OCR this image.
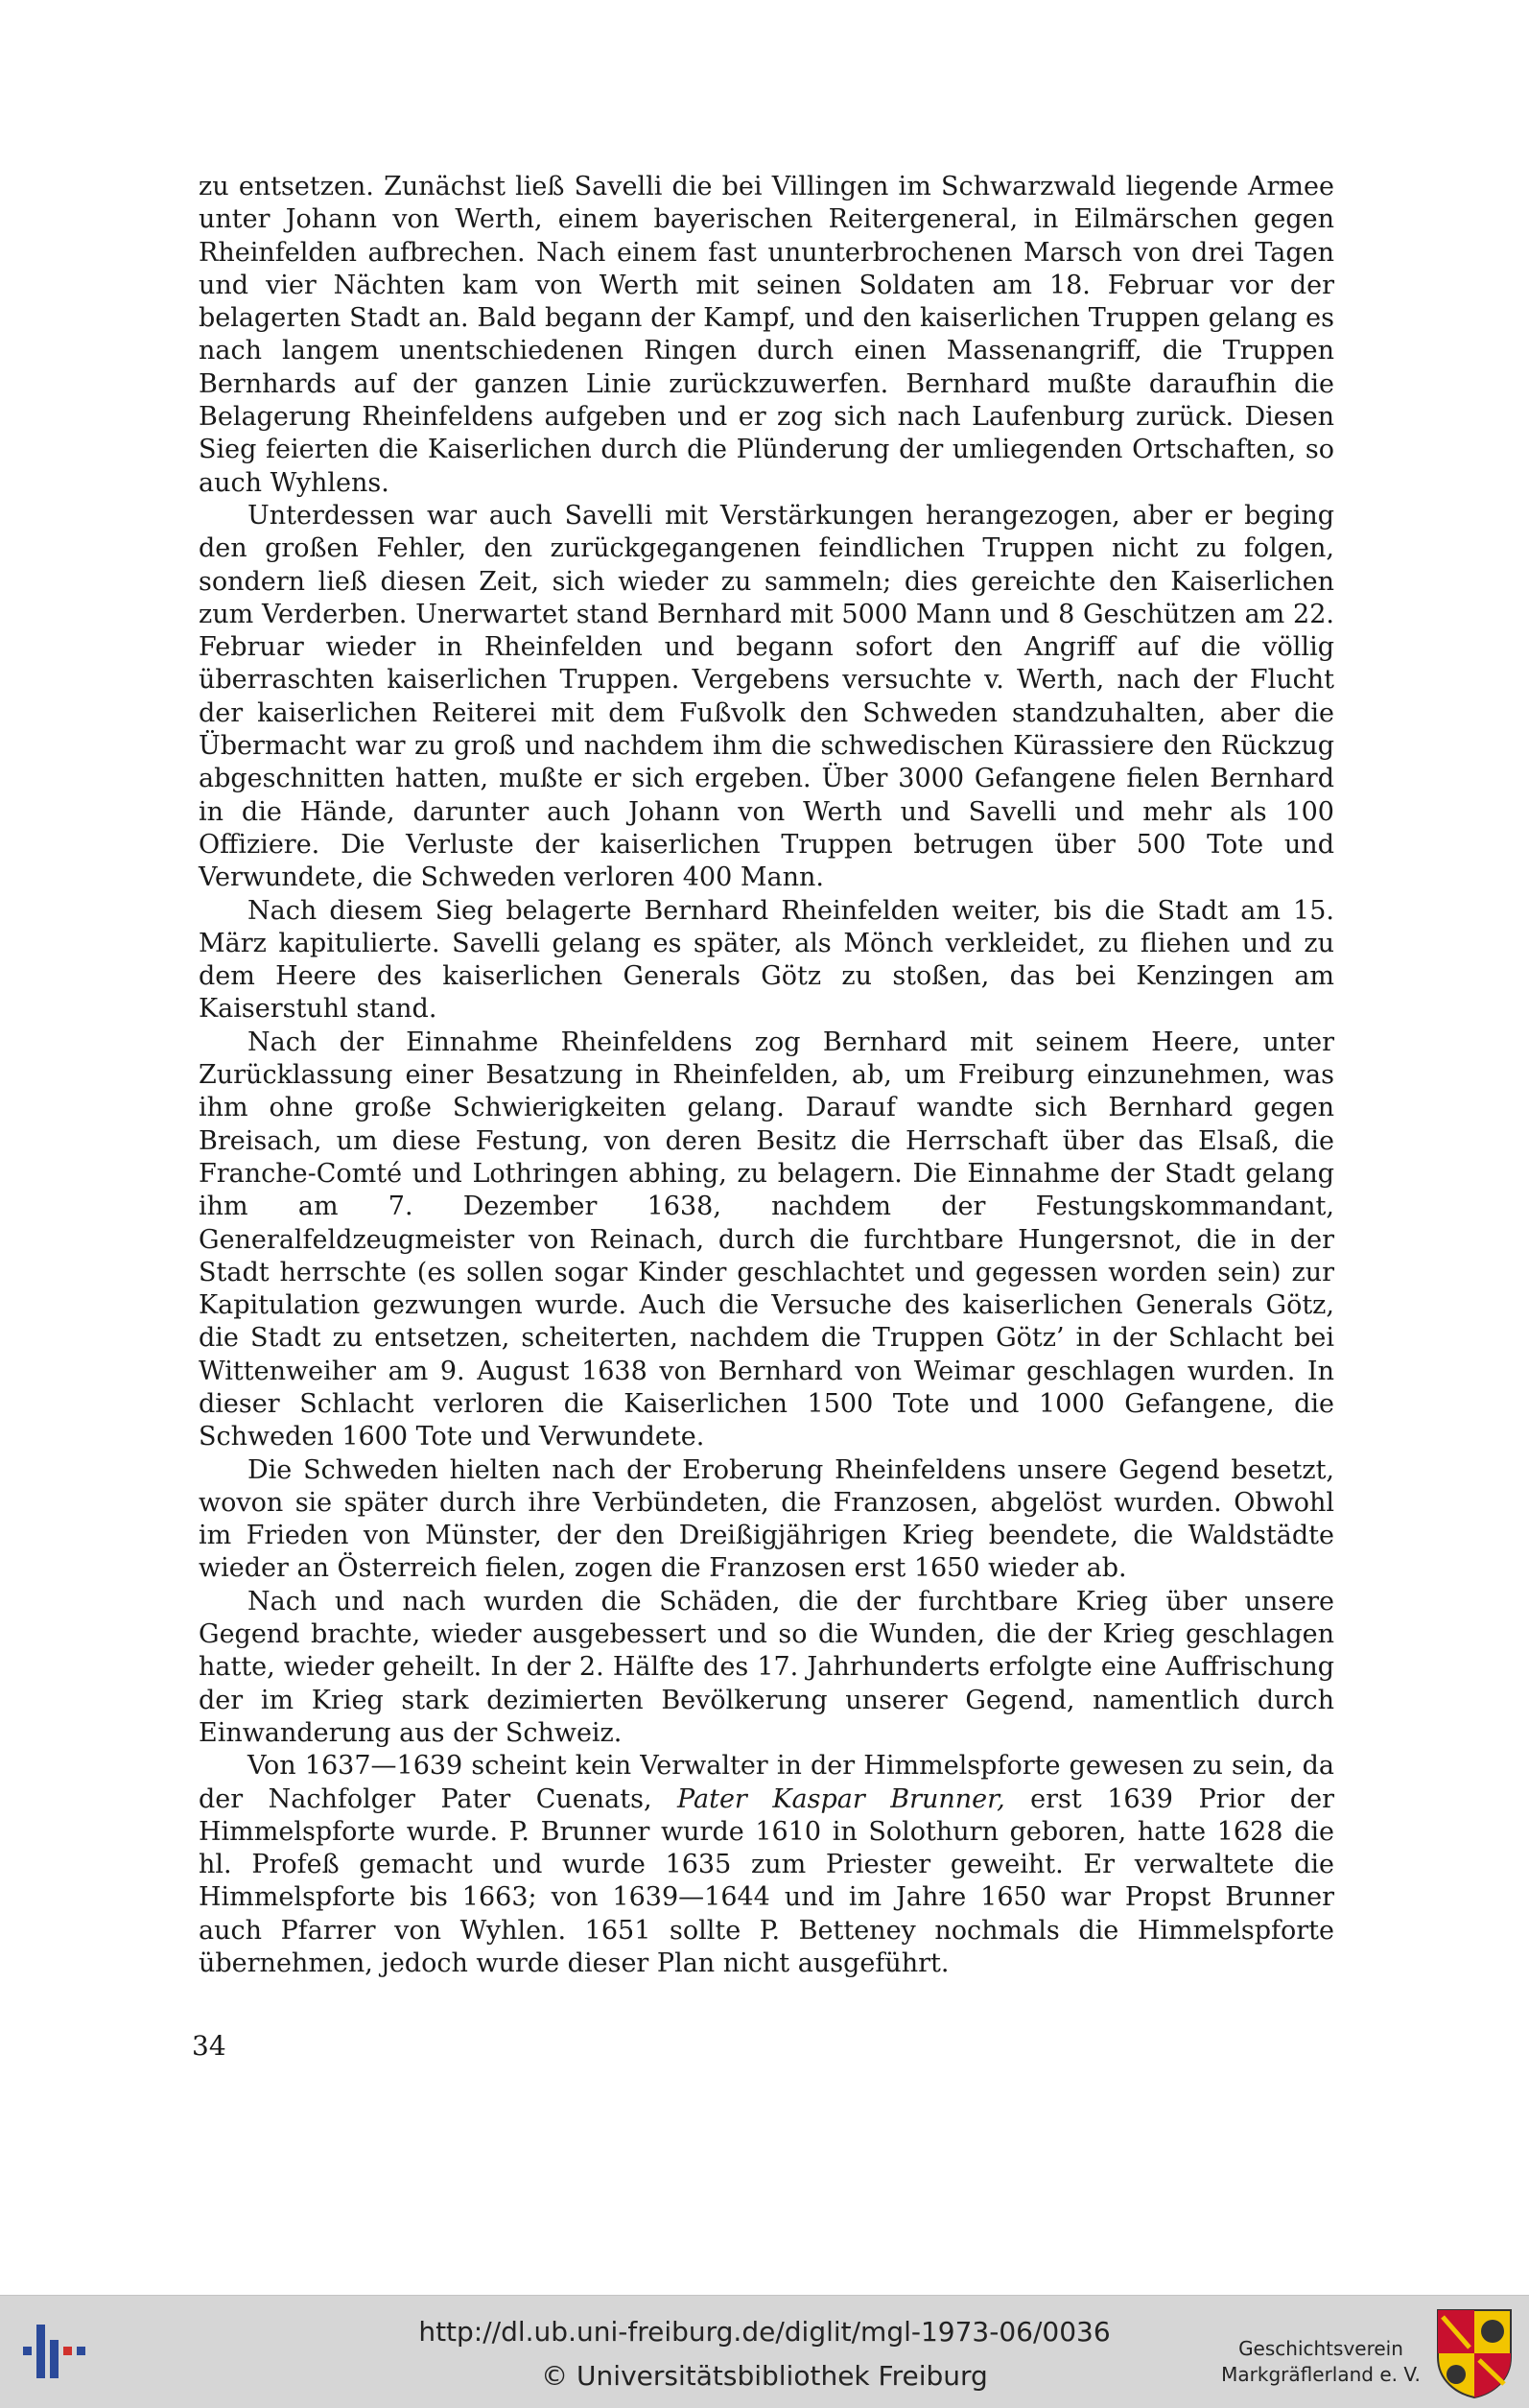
zu entsetzen. Zunächst ließ Savelli die bei Villingen im Schwarzwald liegende Armee unter Johann von Werth, einem bayerischen Reitergeneral, in Eilmärschen gegen Rheinfelden aufbrechen. Nach einem fast ununterbrochenen Marsch von drei Tagen und vier Nächten kam von Werth mit seinen Soldaten am 18. Februar vor der belagerten Stadt an. Bald begann der Kampf, und den kaiserlichen Truppen gelang es nach langem unentschiedenen Ringen durch einen Massenangriff, die Truppen Bernhards auf der ganzen Linie zurückzuwerfen. Bernhard mußte daraufhin die Belagerung Rheinfeldens aufgeben und er zog sich nach Laufenburg zurück. Diesen Sieg feierten die Kaiserlichen durch die Plünderung der umliegenden Ortschaften, so auch Wyhlens.

Unterdessen war auch Savelli mit Verstärkungen herangezogen, aber er beging den großen Fehler, den zurückgegangenen feindlichen Truppen nicht zu folgen, sondern ließ diesen Zeit, sich wieder zu sammeln; dies gereichte den Kaiserlichen zum Verderben. Unerwartet stand Bernhard mit 5000 Mann und 8 Geschützen am 22. Februar wieder in Rheinfelden und begann sofort den Angriff auf die völlig überraschten kaiserlichen Truppen. Vergebens versuchte v. Werth, nach der Flucht der kaiserlichen Reiterei mit dem Fußvolk den Schweden standzuhalten, aber die Übermacht war zu groß und nachdem ihm die schwedischen Kürassiere den Rückzug abgeschnitten hatten, mußte er sich ergeben. Über 3000 Gefangene fielen Bernhard in die Hände, darunter auch Johann von Werth und Savelli und mehr als 100 Offiziere. Die Verluste der kaiserlichen Truppen betrugen über 500 Tote und Verwundete, die Schweden verloren 400 Mann.

Nach diesem Sieg belagerte Bernhard Rheinfelden weiter, bis die Stadt am 15. März kapitulierte. Savelli gelang es später, als Mönch verkleidet, zu fliehen und zu dem Heere des kaiserlichen Generals Götz zu stoßen, das bei Kenzingen am Kaiserstuhl stand.

Nach der Einnahme Rheinfeldens zog Bernhard mit seinem Heere, unter Zurücklassung einer Besatzung in Rheinfelden, ab, um Freiburg einzunehmen, was ihm ohne große Schwierigkeiten gelang. Darauf wandte sich Bernhard gegen Breisach, um diese Festung, von deren Besitz die Herrschaft über das Elsaß, die Franche-Comté und Lothringen abhing, zu belagern. Die Einnahme der Stadt gelang ihm am 7. Dezember 1638, nachdem der Festungskommandant, Generalfeldzeugmeister von Reinach, durch die furchtbare Hungersnot, die in der Stadt herrschte (es sollen sogar Kinder geschlachtet und gegessen worden sein) zur Kapitulation gezwungen wurde. Auch die Versuche des kaiserlichen Generals Götz, die Stadt zu entsetzen, scheiterten, nachdem die Truppen Götz’ in der Schlacht bei Wittenweiher am 9. August 1638 von Bernhard von Weimar geschlagen wurden. In dieser Schlacht verloren die Kaiserlichen 1500 Tote und 1000 Gefangene, die Schweden 1600 Tote und Verwundete.

Die Schweden hielten nach der Eroberung Rheinfeldens unsere Gegend besetzt, wovon sie später durch ihre Verbündeten, die Franzosen, abgelöst wurden. Obwohl im Frieden von Münster, der den Dreißigjährigen Krieg beendete, die Waldstädte wieder an Österreich fielen, zogen die Franzosen erst 1650 wieder ab.

Nach und nach wurden die Schäden, die der furchtbare Krieg über unsere Gegend brachte, wieder ausgebessert und so die Wunden, die der Krieg geschlagen hatte, wieder geheilt. In der 2. Hälfte des 17. Jahrhunderts erfolgte eine Auffrischung der im Krieg stark dezimierten Bevölkerung unserer Gegend, namentlich durch Einwanderung aus der Schweiz.

Von 1637—1639 scheint kein Verwalter in der Himmelspforte gewesen zu sein, da der Nachfolger Pater Cuenats, Pater Kaspar Brunner, erst 1639 Prior der Himmelspforte wurde. P. Brunner wurde 1610 in Solothurn geboren, hatte 1628 die hl. Profeß gemacht und wurde 1635 zum Priester geweiht. Er verwaltete die Himmelspforte bis 1663; von 1639—1644 und im Jahre 1650 war Propst Brunner auch Pfarrer von Wyhlen. 1651 sollte P. Betteney nochmals die Himmelspforte übernehmen, jedoch wurde dieser Plan nicht ausgeführt.

34
http://dl.ub.uni-freiburg.de/diglit/mgl-1973-06/0036
© Universitätsbibliothek Freiburg
Geschichtsverein
Markgräflerland e. V.
